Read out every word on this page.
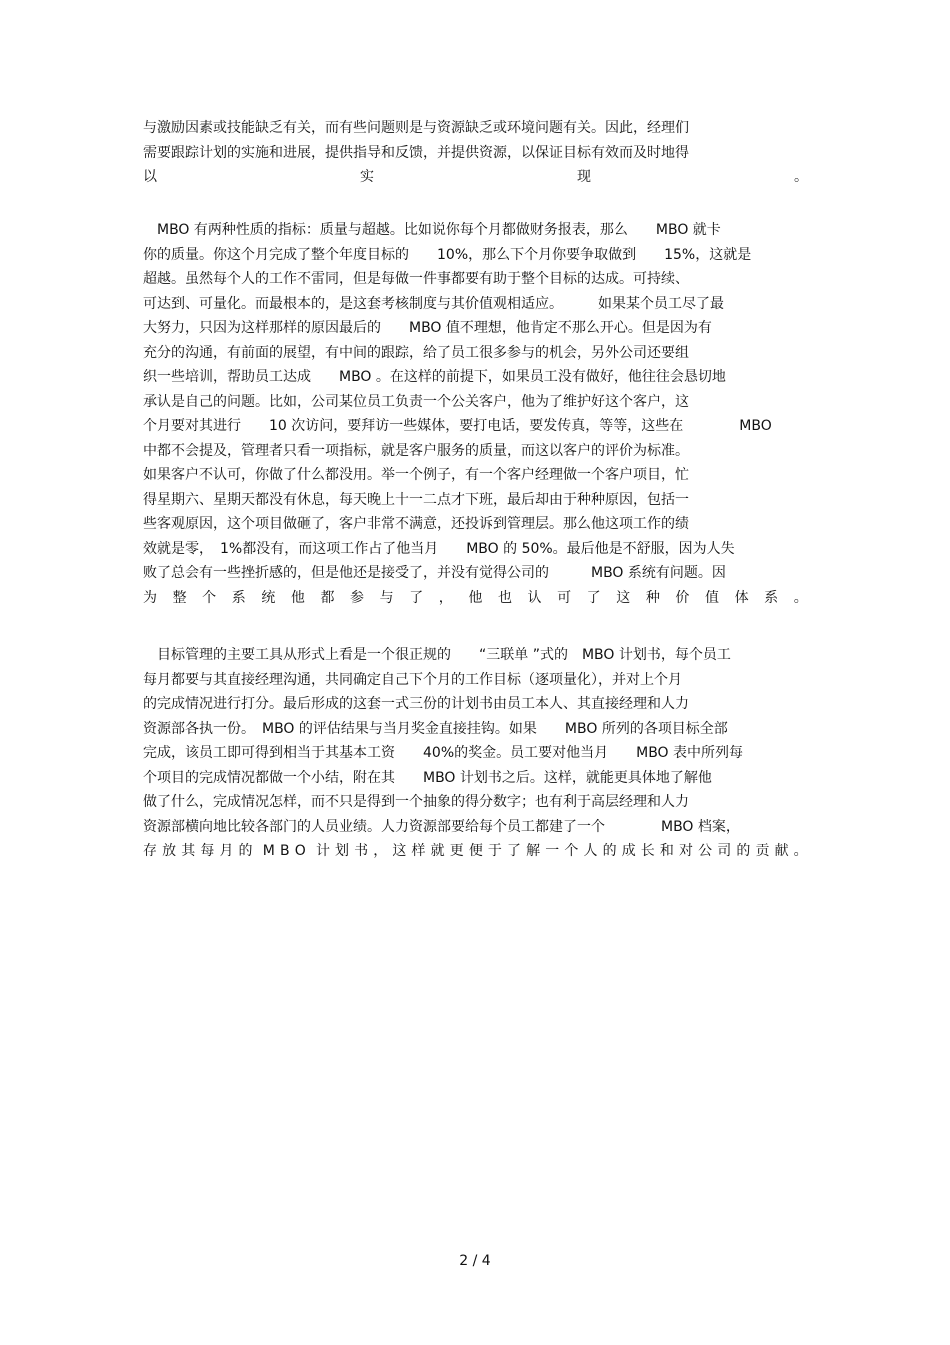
与激励因素或技能缺乏有关，而有些问题则是与资源缺乏或环境问题有关。因此，经理们
需要跟踪计划的实施和进展，提供指导和反馈，并提供资源，以保证目标有效而及时地得
以	实	现	。
　MBO 有两种性质的指标：质量与超越。比如说你每个月都做财务报表，那么　　MBO 就卡
你的质量。你这个月完成了整个年度目标的　　10%，那么下个月你要争取做到　　15%，这就是
超越。虽然每个人的工作不雷同，但是每做一件事都要有助于整个目标的达成。可持续、
可达到、可量化。而最根本的，是这套考核制度与其价值观相适应。　　　如果某个员工尽了最
大努力，只因为这样那样的原因最后的　　MBO 值不理想，他肯定不那么开心。但是因为有
充分的沟通，有前面的展望，有中间的跟踪，给了员工很多参与的机会，另外公司还要组
织一些培训，帮助员工达成　　MBO 。在这样的前提下，如果员工没有做好，他往往会恳切地
承认是自己的问题。比如，公司某位员工负责一个公关客户，他为了维护好这个客户，这
个月要对其进行　　10 次访问，要拜访一些媒体，要打电话，要发传真，等等，这些在　　　　MBO
中都不会提及，管理者只看一项指标，就是客户服务的质量，而这以客户的评价为标准。
如果客户不认可，你做了什么都没用。举一个例子，有一个客户经理做一个客户项目，忙
得星期六、星期天都没有休息，每天晚上十一二点才下班，最后却由于种种原因，包括一
些客观原因，这个项目做砸了，客户非常不满意，还投诉到管理层。那么他这项工作的绩
效就是零，　1%都没有，而这项工作占了他当月　　MBO 的 50%。最后他是不舒服，因为人失
败了总会有一些挫折感的，但是他还是接受了，并没有觉得公司的　　　MBO 系统有问题。因
为 整 个 系 统 他 都 参 与 了 ， 他 也 认 可 了 这 种 价 值 体 系 。
　目标管理的主要工具从形式上看是一个很正规的　　“三联单 ”式的　MBO 计划书，每个员工
每月都要与其直接经理沟通，共同确定自己下个月的工作目标（逐项量化），并对上个月
的完成情况进行打分。最后形成的这套一式三份的计划书由员工本人、其直接经理和人力
资源部各执一份。　MBO 的评估结果与当月奖金直接挂钩。如果　　MBO 所列的各项目标全部
完成，该员工即可得到相当于其基本工资　　40%的奖金。员工要对他当月　　MBO 表中所列每
个项目的完成情况都做一个小结，附在其　　MBO 计划书之后。这样，就能更具体地了解他
做了什么，完成情况怎样，而不只是得到一个抽象的得分数字；也有利于高层经理和人力
资源部横向地比较各部门的人员业绩。人力资源部要给每个员工都建了一个　　　　MBO 档案，
存 放 其 每 月 的 M B O 计 划 书 ， 这 样 就 更 便 于 了 解 一 个 人 的 成 长 和 对 公 司 的 贡 献 。
2 / 4
